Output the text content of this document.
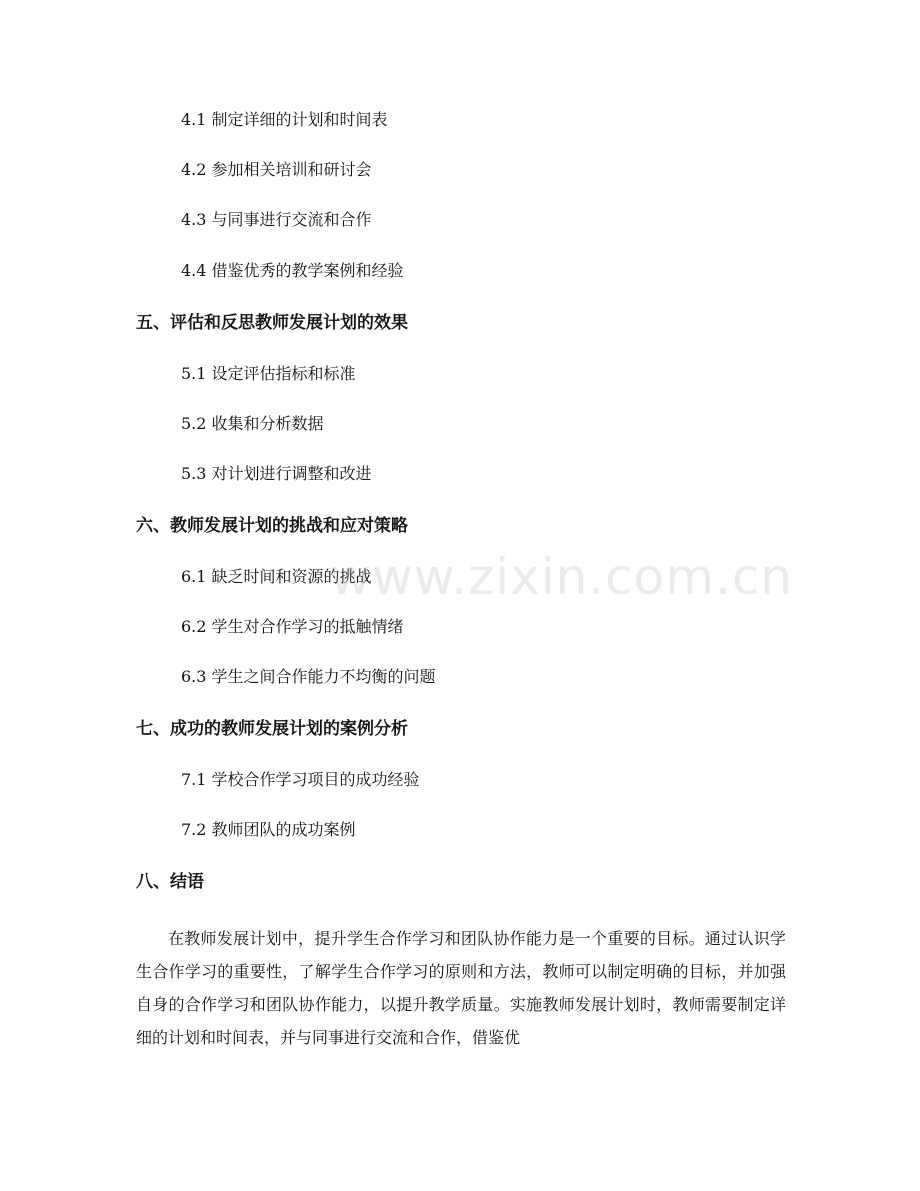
4.1 制定详细的计划和时间表
4.2 参加相关培训和研讨会
4.3 与同事进行交流和合作
4.4 借鉴优秀的教学案例和经验
五、评估和反思教师发展计划的效果
5.1 设定评估指标和标准
5.2 收集和分析数据
5.3 对计划进行调整和改进
六、教师发展计划的挑战和应对策略
6.1 缺乏时间和资源的挑战
6.2 学生对合作学习的抵触情绪
6.3 学生之间合作能力不均衡的问题
七、成功的教师发展计划的案例分析
7.1 学校合作学习项目的成功经验
7.2 教师团队的成功案例
八、结语
在教师发展计划中，提升学生合作学习和团队协作能力是一个重要的目标。通过认识学生合作学习的重要性，了解学生合作学习的原则和方法，教师可以制定明确的目标，并加强自身的合作学习和团队协作能力，以提升教学质量。实施教师发展计划时，教师需要制定详细的计划和时间表，并与同事进行交流和合作，借鉴优
www.zixin.com.cn
